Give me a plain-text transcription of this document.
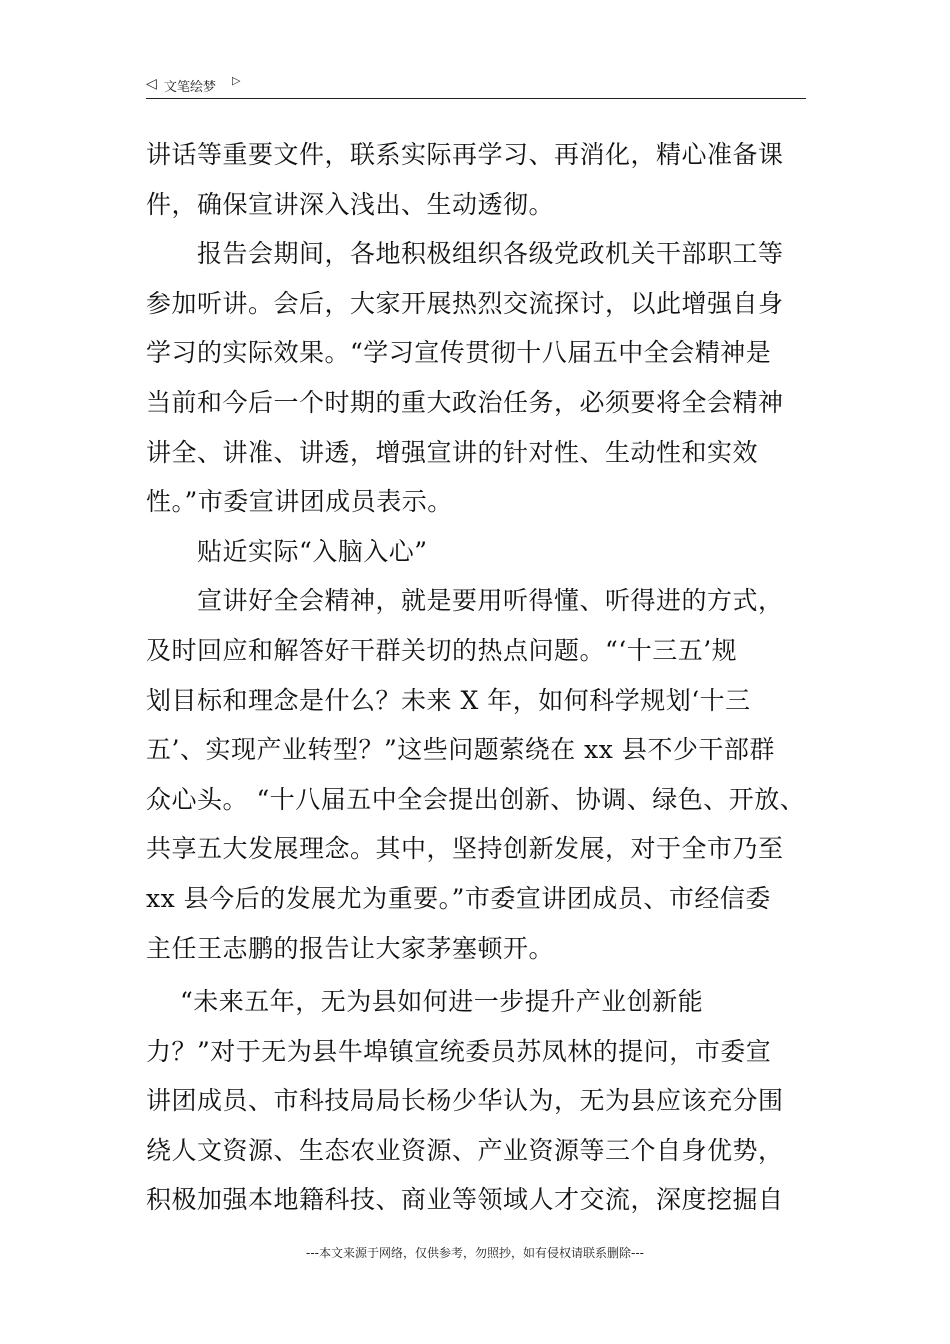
◁ 文笔绘梦 ▷
讲话等重要文件，联系实际再学习、再消化，精心准备课
件，确保宣讲深入浅出、生动透彻。
　　报告会期间，各地积极组织各级党政机关干部职工等
参加听讲。会后，大家开展热烈交流探讨，以此增强自身
学习的实际效果。“学习宣传贯彻十八届五中全会精神是
当前和今后一个时期的重大政治任务，必须要将全会精神
讲全、讲准、讲透，增强宣讲的针对性、生动性和实效
性。”市委宣讲团成员表示。
　　贴近实际“入脑入心”
　　宣讲好全会精神，就是要用听得懂、听得进的方式，
及时回应和解答好干群关切的热点问题。“‘十三五’规
划目标和理念是什么？未来 X 年，如何科学规划‘十三
五’、实现产业转型？”这些问题萦绕在 xx 县不少干部群
众心头。 “十八届五中全会提出创新、协调、绿色、开放、
共享五大发展理念。其中，坚持创新发展，对于全市乃至
xx 县今后的发展尤为重要。”市委宣讲团成员、市经信委
主任王志鹏的报告让大家茅塞顿开。
　 “未来五年，无为县如何进一步提升产业创新能
力？”对于无为县牛埠镇宣统委员苏凤林的提问，市委宣
讲团成员、市科技局局长杨少华认为，无为县应该充分围
绕人文资源、生态农业资源、产业资源等三个自身优势，
积极加强本地籍科技、商业等领域人才交流，深度挖掘自
---本文来源于网络，仅供参考，勿照抄，如有侵权请联系删除---
